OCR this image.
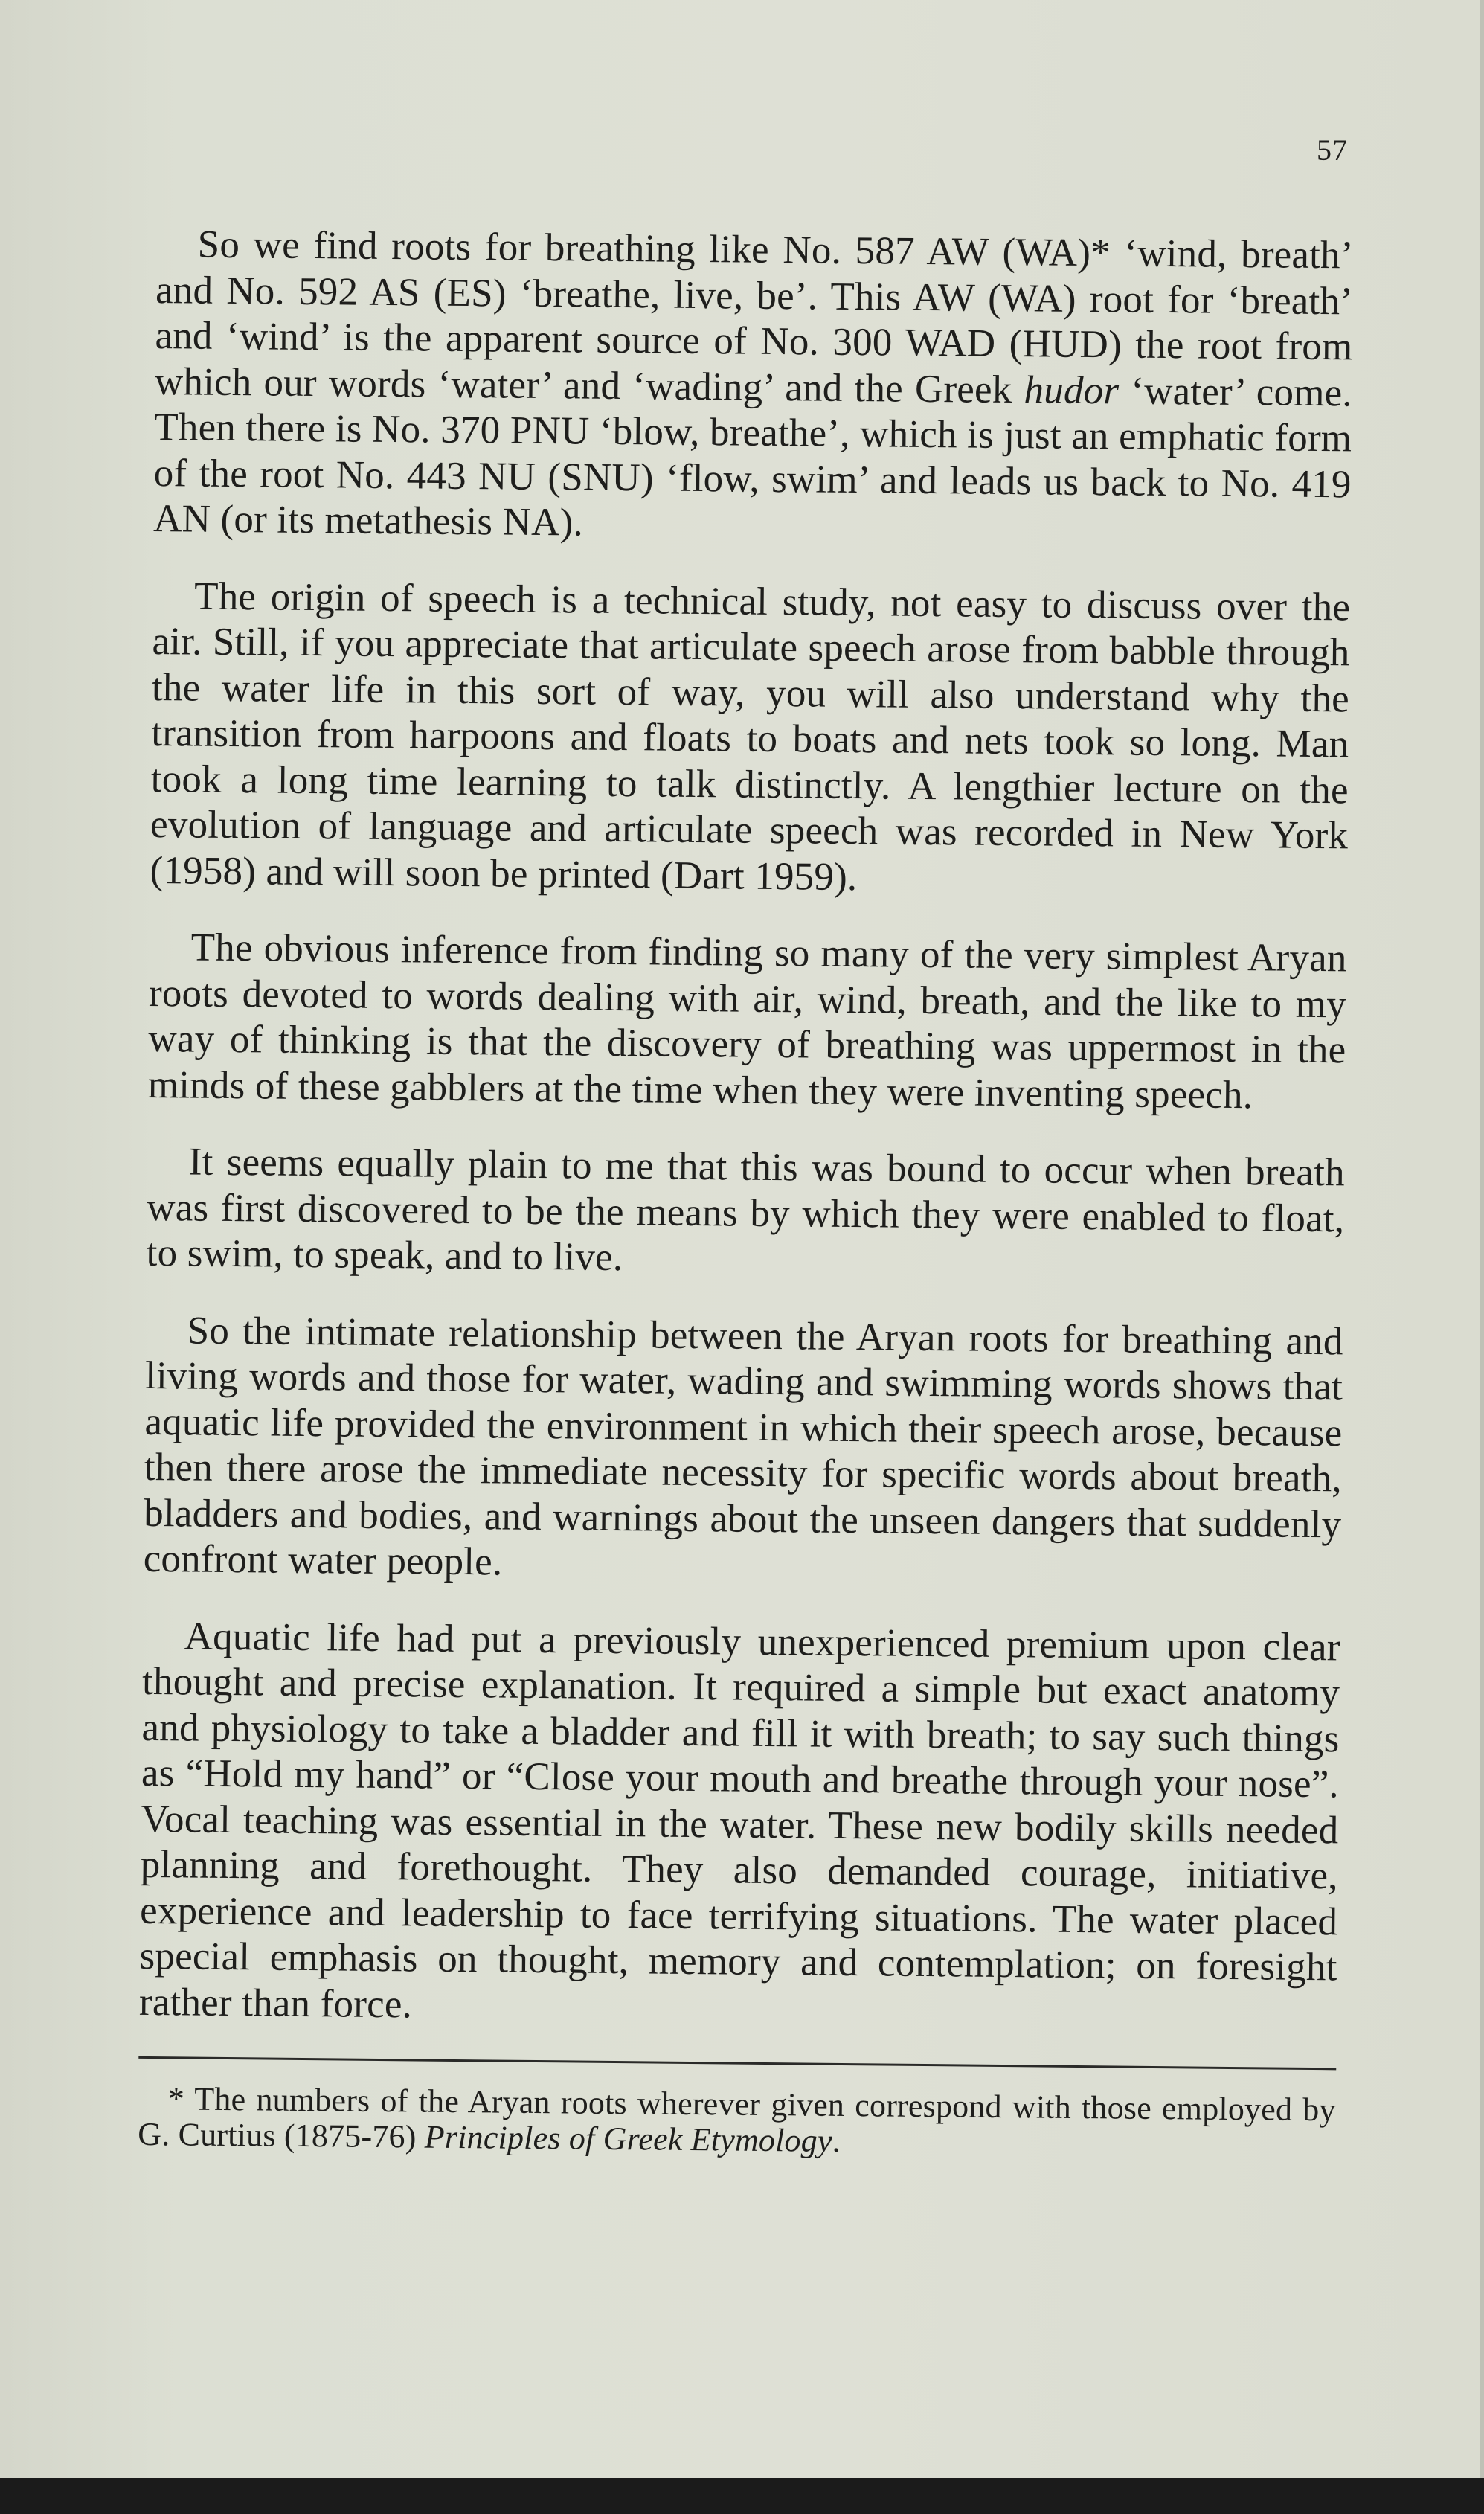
57

So we find roots for breathing like No. 587 AW (WA)* ‘wind, breath’ and No. 592 AS (ES) ‘breathe, live, be’. This AW (WA) root for ‘breath’ and ‘wind’ is the apparent source of No. 300 WAD (HUD) the root from which our words ‘water’ and ‘wading’ and the Greek hudor ‘water’ come. Then there is No. 370 PNU ‘blow, breathe’, which is just an emphatic form of the root No. 443 NU (SNU) ‘flow, swim’ and leads us back to No. 419 AN (or its metathesis NA).

The origin of speech is a technical study, not easy to discuss over the air. Still, if you appreciate that articulate speech arose from babble through the water life in this sort of way, you will also understand why the transition from harpoons and floats to boats and nets took so long. Man took a long time learning to talk distinctly. A lengthier lecture on the evolution of language and articulate speech was recorded in New York (1958) and will soon be printed (Dart 1959).

The obvious inference from finding so many of the very simplest Aryan roots devoted to words dealing with air, wind, breath, and the like to my way of thinking is that the discovery of breathing was uppermost in the minds of these gabblers at the time when they were inventing speech.

It seems equally plain to me that this was bound to occur when breath was first discovered to be the means by which they were enabled to float, to swim, to speak, and to live.

So the intimate relationship between the Aryan roots for breathing and living words and those for water, wading and swimming words shows that aquatic life provided the environment in which their speech arose, because then there arose the immediate necessity for specific words about breath, bladders and bodies, and warnings about the unseen dangers that suddenly confront water people.

Aquatic life had put a previously unexperienced premium upon clear thought and precise explanation. It required a simple but exact anatomy and physiology to take a bladder and fill it with breath; to say such things as “Hold my hand” or “Close your mouth and breathe through your nose”. Vocal teaching was essential in the water. These new bodily skills needed planning and forethought. They also demanded courage, initiative, experience and leadership to face terrifying situations. The water placed special emphasis on thought, memory and contemplation; on foresight rather than force.

* The numbers of the Aryan roots wherever given correspond with those employed by G. Curtius (1875-76) Principles of Greek Etymology.
